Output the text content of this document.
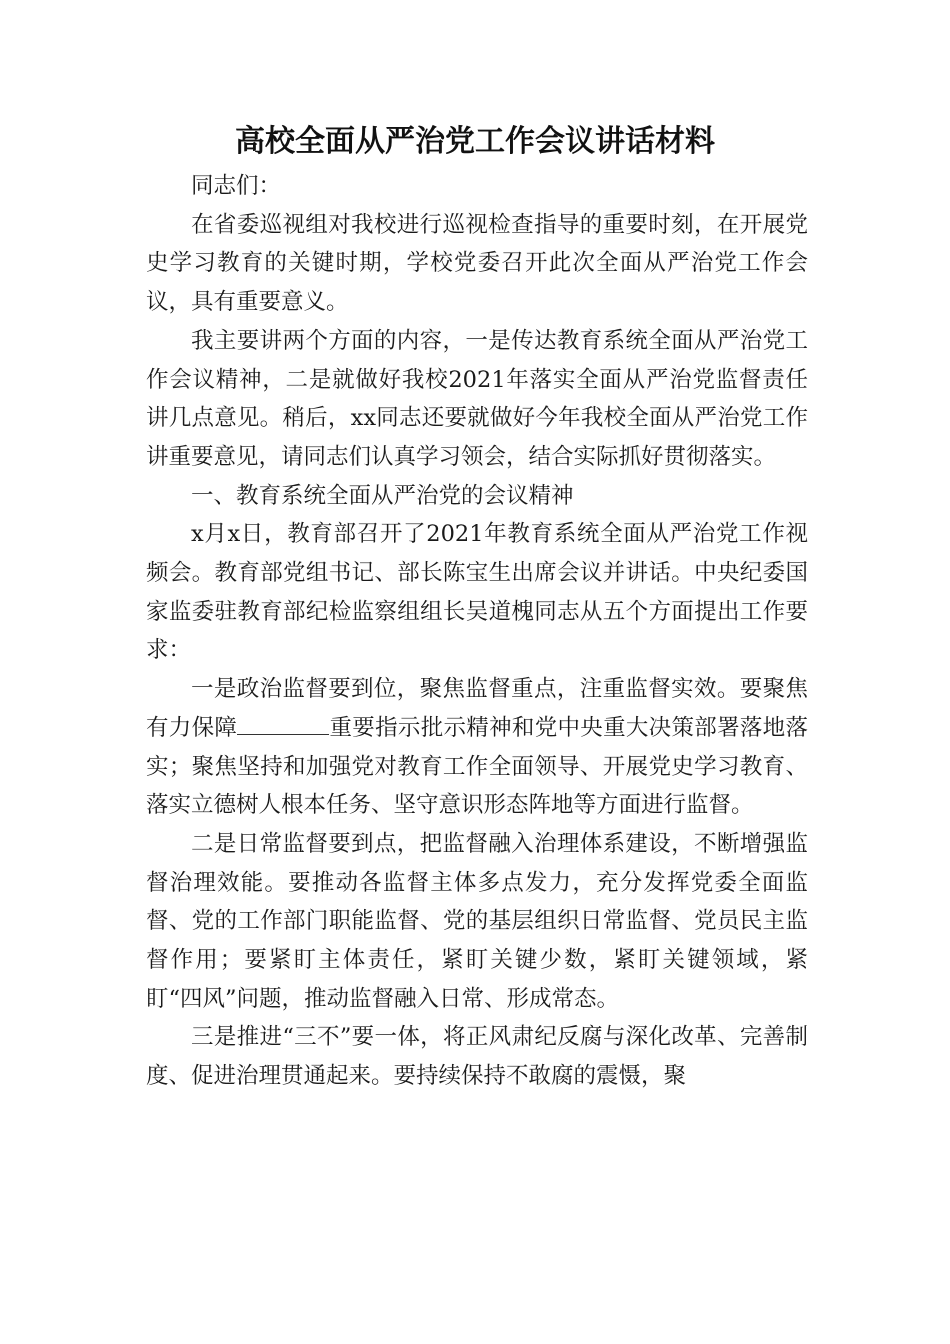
高校全面从严治党工作会议讲话材料

同志们：

在省委巡视组对我校进行巡视检查指导的重要时刻，在开展党史学习教育的关键时期，学校党委召开此次全面从严治党工作会议，具有重要意义。

我主要讲两个方面的内容，一是传达教育系统全面从严治党工作会议精神，二是就做好我校2021年落实全面从严治党监督责任讲几点意见。稍后，xx同志还要就做好今年我校全面从严治党工作讲重要意见，请同志们认真学习领会，结合实际抓好贯彻落实。

一、教育系统全面从严治党的会议精神

x月x日，教育部召开了2021年教育系统全面从严治党工作视频会。教育部党组书记、部长陈宝生出席会议并讲话。中央纪委国家监委驻教育部纪检监察组组长吴道槐同志从五个方面提出工作要求：

一是政治监督要到位，聚焦监督重点，注重监督实效。要聚焦有力保障	重要指示批示精神和党中央重大决策部署落地落实；聚焦坚持和加强党对教育工作全面领导、开展党史学习教育、落实立德树人根本任务、坚守意识形态阵地等方面进行监督。

二是日常监督要到点，把监督融入治理体系建设，不断增强监督治理效能。要推动各监督主体多点发力，充分发挥党委全面监督、党的工作部门职能监督、党的基层组织日常监督、党员民主监督作用；要紧盯主体责任，紧盯关键少数，紧盯关键领域，紧盯“四风”问题，推动监督融入日常、形成常态。

三是推进“三不”要一体，将正风肃纪反腐与深化改革、完善制度、促进治理贯通起来。要持续保持不敢腐的震慑，聚
